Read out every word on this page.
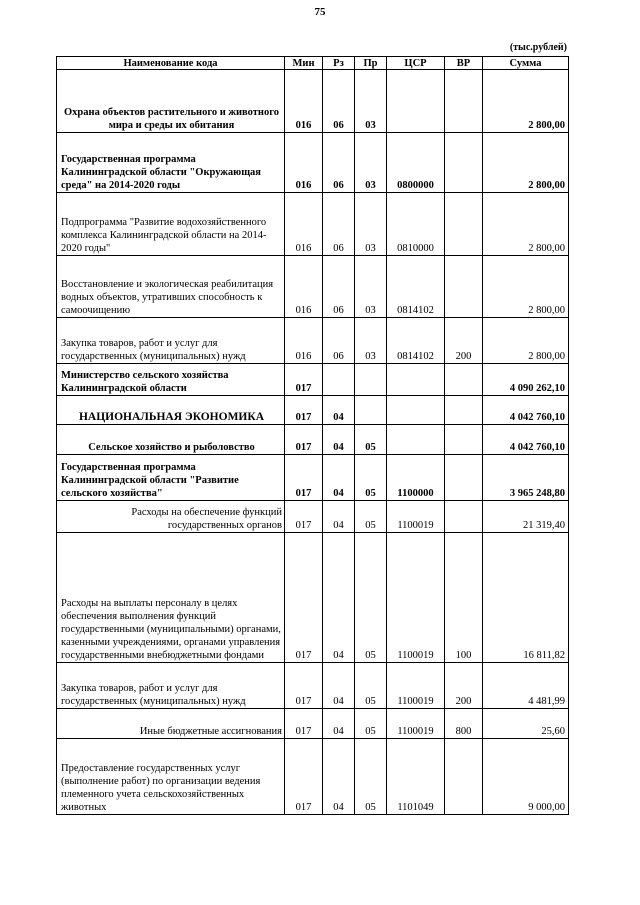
75
(тыс.рублей)
Наименование кода	Мин	Рз	Пр	ЦСР	ВР	Сумма
Охрана объектов растительного и животного мира и среды их обитания	016	06	03			2 800,00
Государственная программа Калининградской области "Окружающая среда" на 2014-2020 годы	016	06	03	0800000		2 800,00
Подпрограмма "Развитие водохозяйственного комплекса Калининградской области на 2014-2020 годы"	016	06	03	0810000		2 800,00
Восстановление и экологическая реабилитация водных объектов, утративших способность к самоочищению	016	06	03	0814102		2 800,00
Закупка товаров, работ и услуг для государственных (муниципальных) нужд	016	06	03	0814102	200	2 800,00
Министерство сельского хозяйства Калининградской области	017					4 090 262,10
НАЦИОНАЛЬНАЯ ЭКОНОМИКА	017	04				4 042 760,10
Сельское хозяйство и рыболовство	017	04	05			4 042 760,10
Государственная программа Калининградской области "Развитие сельского хозяйства"	017	04	05	1100000		3 965 248,80
Расходы на обеспечение функций государственных органов	017	04	05	1100019		21 319,40
Расходы на выплаты персоналу в целях обеспечения выполнения функций государственными (муниципальными) органами, казенными учреждениями, органами управления государственными внебюджетными фондами	017	04	05	1100019	100	16 811,82
Закупка товаров, работ и услуг для государственных (муниципальных) нужд	017	04	05	1100019	200	4 481,99
Иные бюджетные ассигнования	017	04	05	1100019	800	25,60
Предоставление государственных услуг (выполнение работ) по организации ведения племенного учета сельскохозяйственных животных	017	04	05	1101049		9 000,00
